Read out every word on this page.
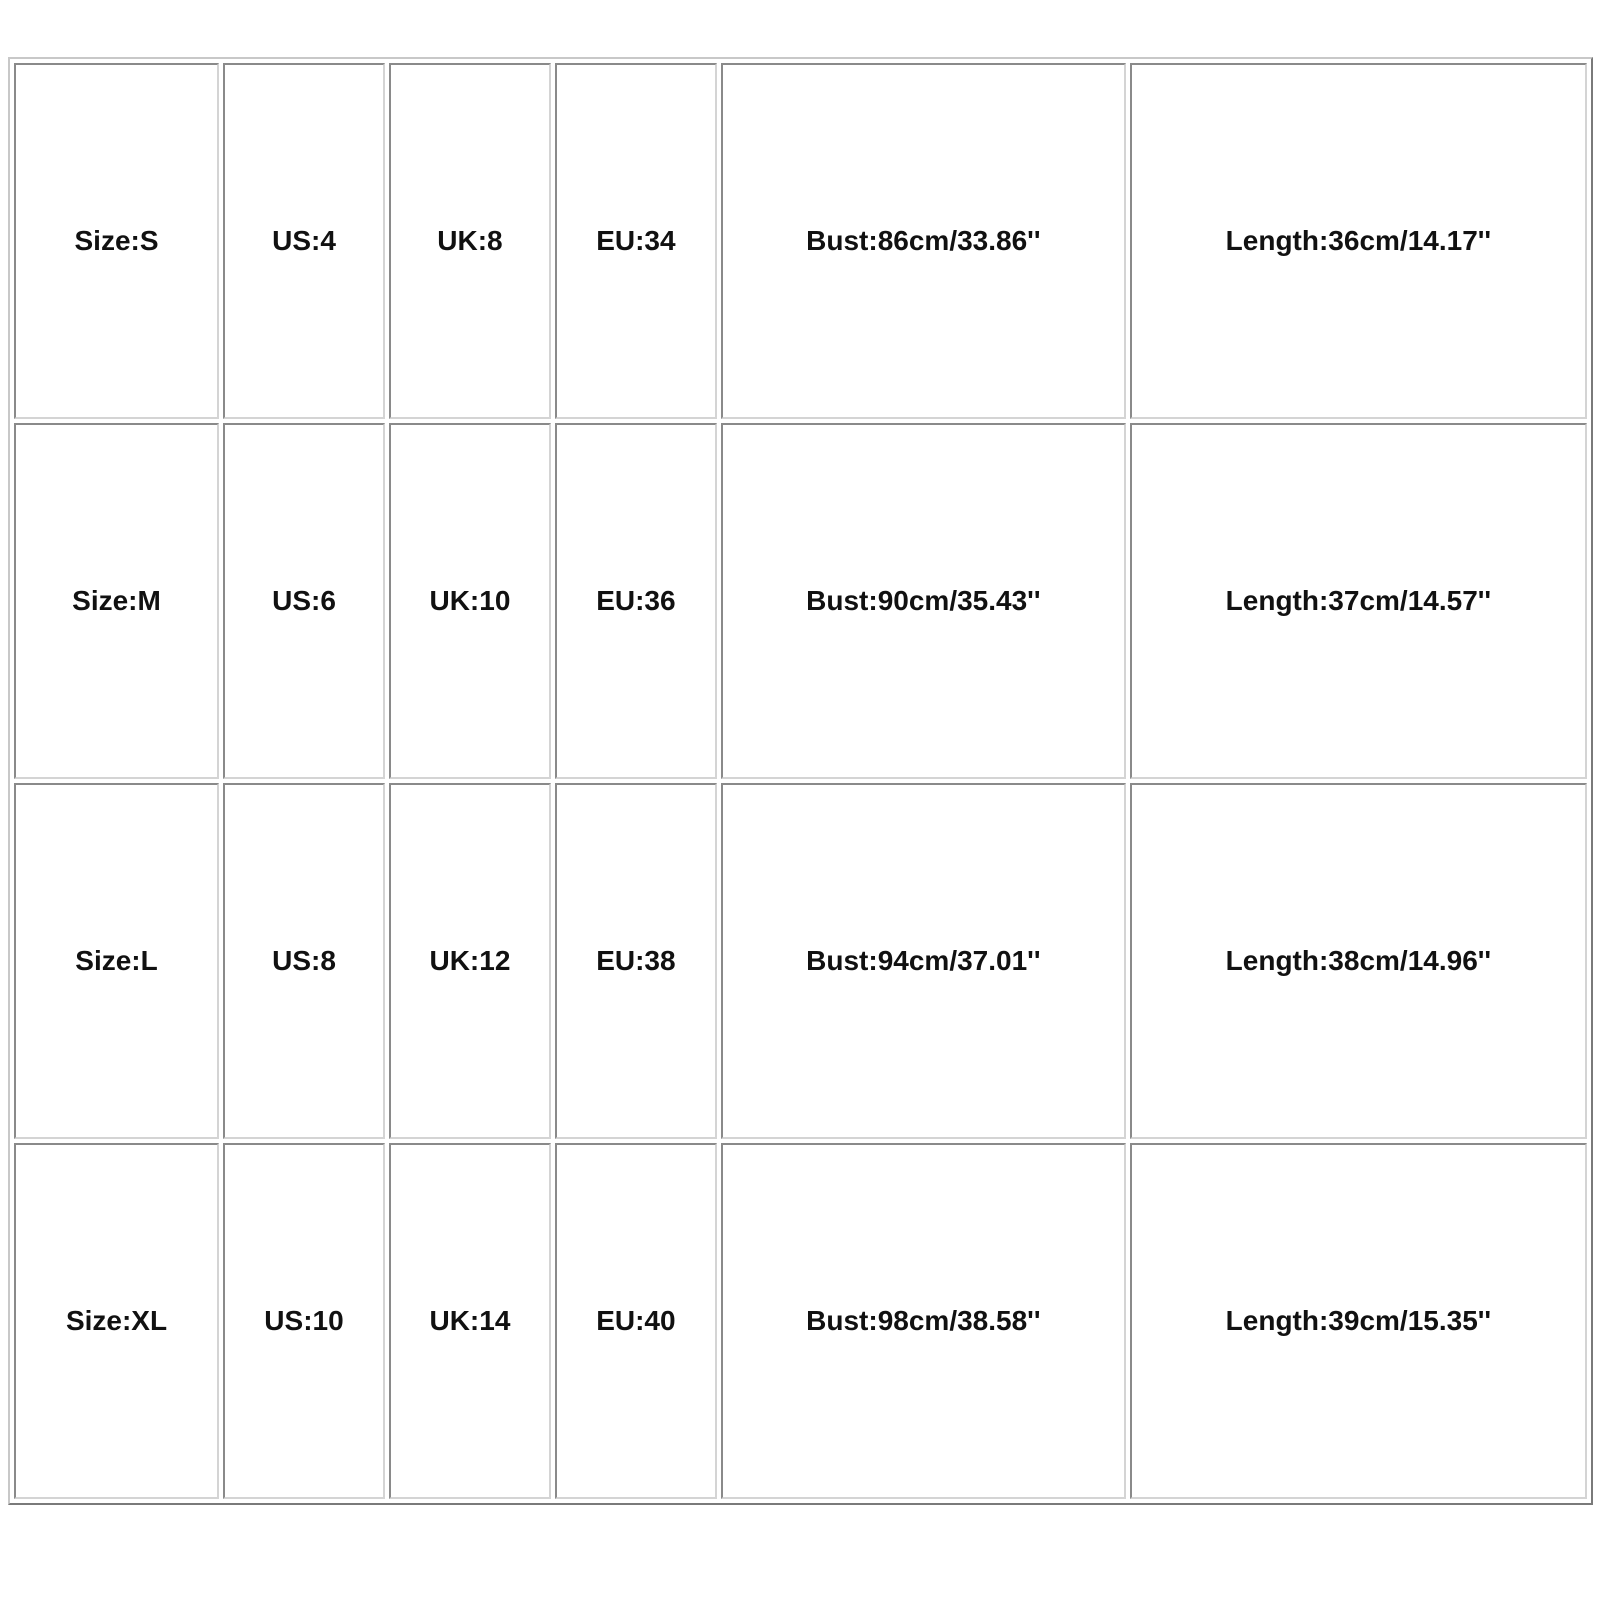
Size:S	US:4	UK:8	EU:34	Bust:86cm/33.86''	Length:36cm/14.17''
Size:M	US:6	UK:10	EU:36	Bust:90cm/35.43''	Length:37cm/14.57''
Size:L	US:8	UK:12	EU:38	Bust:94cm/37.01''	Length:38cm/14.96''
Size:XL	US:10	UK:14	EU:40	Bust:98cm/38.58''	Length:39cm/15.35''
